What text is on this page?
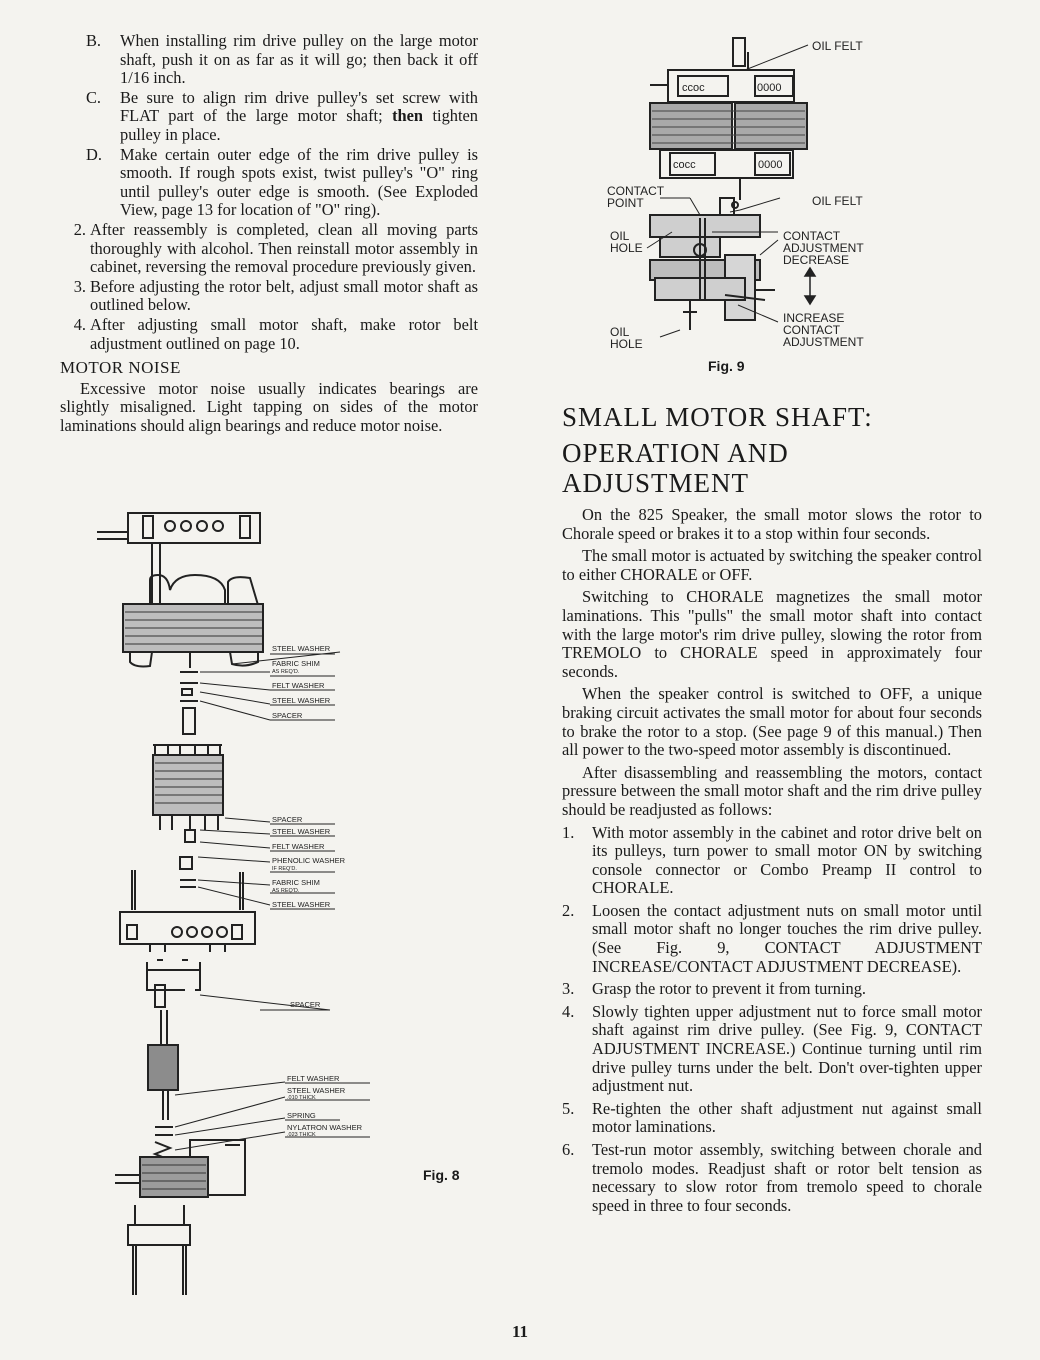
B.	When installing rim drive pulley on the large motor shaft, push it on as far as it will go; then back it off 1/16 inch.
C.	Be sure to align rim drive pulley's set screw with FLAT part of the large motor shaft; then tighten pulley in place.
D.	Make certain outer edge of the rim drive pulley is smooth. If rough spots exist, twist pulley's "O" ring until pulley's outer edge is smooth. (See Exploded View, page 13 for location of "O" ring).
2. After reassembly is completed, clean all moving parts thoroughly with alcohol. Then reinstall motor assembly in cabinet, reversing the removal procedure previously given.
3. Before adjusting the rotor belt, adjust small motor shaft as outlined below.
4. After adjusting small motor shaft, make rotor belt adjustment outlined on page 10.
MOTOR NOISE
Excessive motor noise usually indicates bearings are slightly misaligned. Light tapping on sides of the motor laminations should align bearings and reduce motor noise.
STEEL WASHER
FABRIC SHIM
AS REQ'D.
FELT WASHER
STEEL WASHER
SPACER
SPACER
STEEL WASHER
FELT WASHER
PHENOLIC WASHER
IF REQ'D.
FABRIC SHIM
AS REQ'D.
STEEL WASHER
SPACER
FELT WASHER
STEEL WASHER
.010 THICK
SPRING
NYLATRON WASHER
.023 THICK
Fig. 8
ccoc	0000
cocc	0000
OIL FELT
CONTACT
POINT	OIL FELT
OIL
HOLE
CONTACT
ADJUSTMENT
DECREASE
INCREASE
CONTACT
ADJUSTMENT
OIL
HOLE
Fig. 9
SMALL MOTOR SHAFT:
OPERATION AND ADJUSTMENT
On the 825 Speaker, the small motor slows the rotor to Chorale speed or brakes it to a stop within four seconds.
The small motor is actuated by switching the speaker control to either CHORALE or OFF.
Switching to CHORALE magnetizes the small motor laminations. This "pulls" the small motor shaft into contact with the large motor's rim drive pulley, slowing the rotor from TREMOLO to CHORALE speed in approximately four seconds.
When the speaker control is switched to OFF, a unique braking circuit activates the small motor for about four seconds to brake the rotor to a stop. (See page 9 of this manual.) Then all power to the two-speed motor assembly is discontinued.
After disassembling and reassembling the motors, contact pressure between the small motor shaft and the rim drive pulley should be readjusted as follows:
1. With motor assembly in the cabinet and rotor drive belt on its pulleys, turn power to small motor ON by switching console connector or Combo Preamp II control to CHORALE.
2. Loosen the contact adjustment nuts on small motor until small motor shaft no longer touches the rim drive pulley. (See Fig. 9, CONTACT ADJUSTMENT INCREASE/CONTACT ADJUSTMENT DECREASE).
3. Grasp the rotor to prevent it from turning.
4. Slowly tighten upper adjustment nut to force small motor shaft against rim drive pulley. (See Fig. 9, CONTACT ADJUSTMENT INCREASE.) Continue turning until rim drive pulley turns under the belt. Don't over-tighten upper adjustment nut.
5. Re-tighten the other shaft adjustment nut against small motor laminations.
6. Test-run motor assembly, switching between chorale and tremolo modes. Readjust shaft or rotor belt tension as necessary to slow rotor from tremolo speed to chorale speed in three to four seconds.
11
